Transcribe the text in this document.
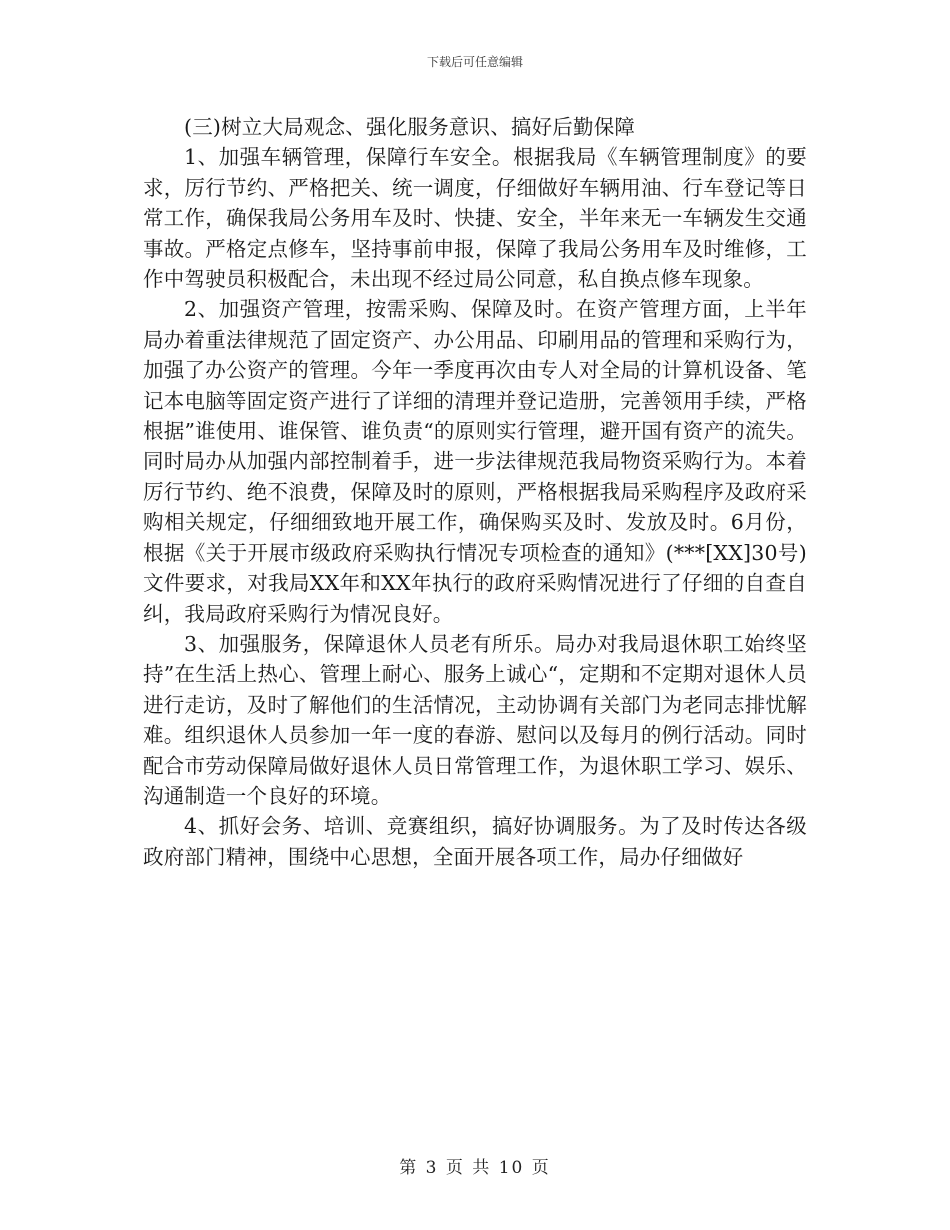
下载后可任意编辑

(三)树立大局观念、强化服务意识、搞好后勤保障

1、加强车辆管理，保障行车安全。根据我局《车辆管理制度》的要求，厉行节约、严格把关、统一调度，仔细做好车辆用油、行车登记等日常工作，确保我局公务用车及时、快捷、安全，半年来无一车辆发生交通事故。严格定点修车，坚持事前申报，保障了我局公务用车及时维修，工作中驾驶员积极配合，未出现不经过局公同意，私自换点修车现象。

2、加强资产管理，按需采购、保障及时。在资产管理方面，上半年局办着重法律规范了固定资产、办公用品、印刷用品的管理和采购行为，加强了办公资产的管理。今年一季度再次由专人对全局的计算机设备、笔记本电脑等固定资产进行了详细的清理并登记造册，完善领用手续，严格根据”谁使用、谁保管、谁负责“的原则实行管理，避开国有资产的流失。同时局办从加强内部控制着手，进一步法律规范我局物资采购行为。本着厉行节约、绝不浪费，保障及时的原则，严格根据我局采购程序及政府采购相关规定，仔细细致地开展工作，确保购买及时、发放及时。6月份，根据《关于开展市级政府采购执行情况专项检查的通知》(***[XX]30号)文件要求，对我局XX年和XX年执行的政府采购情况进行了仔细的自查自纠，我局政府采购行为情况良好。

3、加强服务，保障退休人员老有所乐。局办对我局退休职工始终坚持”在生活上热心、管理上耐心、服务上诚心“，定期和不定期对退休人员进行走访，及时了解他们的生活情况，主动协调有关部门为老同志排忧解难。组织退休人员参加一年一度的春游、慰问以及每月的例行活动。同时配合市劳动保障局做好退休人员日常管理工作，为退休职工学习、娱乐、沟通制造一个良好的环境。

4、抓好会务、培训、竞赛组织，搞好协调服务。为了及时传达各级政府部门精神，围绕中心思想，全面开展各项工作，局办仔细做好

第 3 页 共 10 页
